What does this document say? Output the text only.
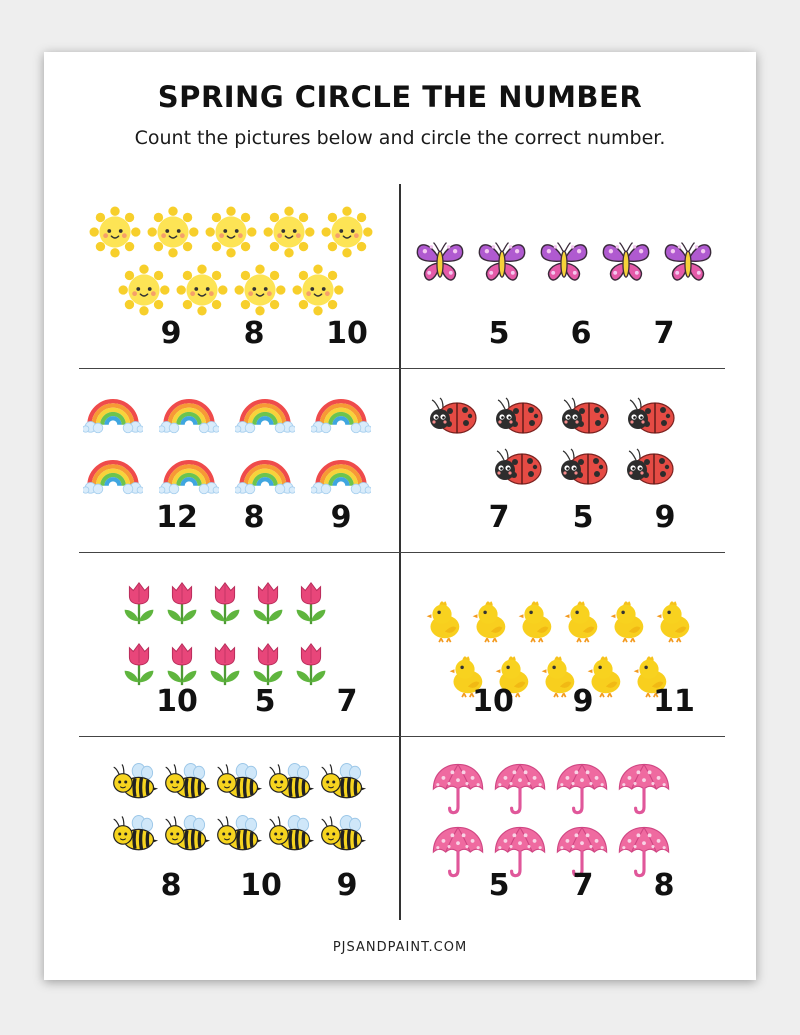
SPRING CIRCLE THE NUMBER
Count the pictures below and circle the correct number.
9	8	10	5	6	7
12	8	9	7	5	9
10	5	7	10	9	11
8	10	9	5	7	8
PJSANDPAINT.COM
